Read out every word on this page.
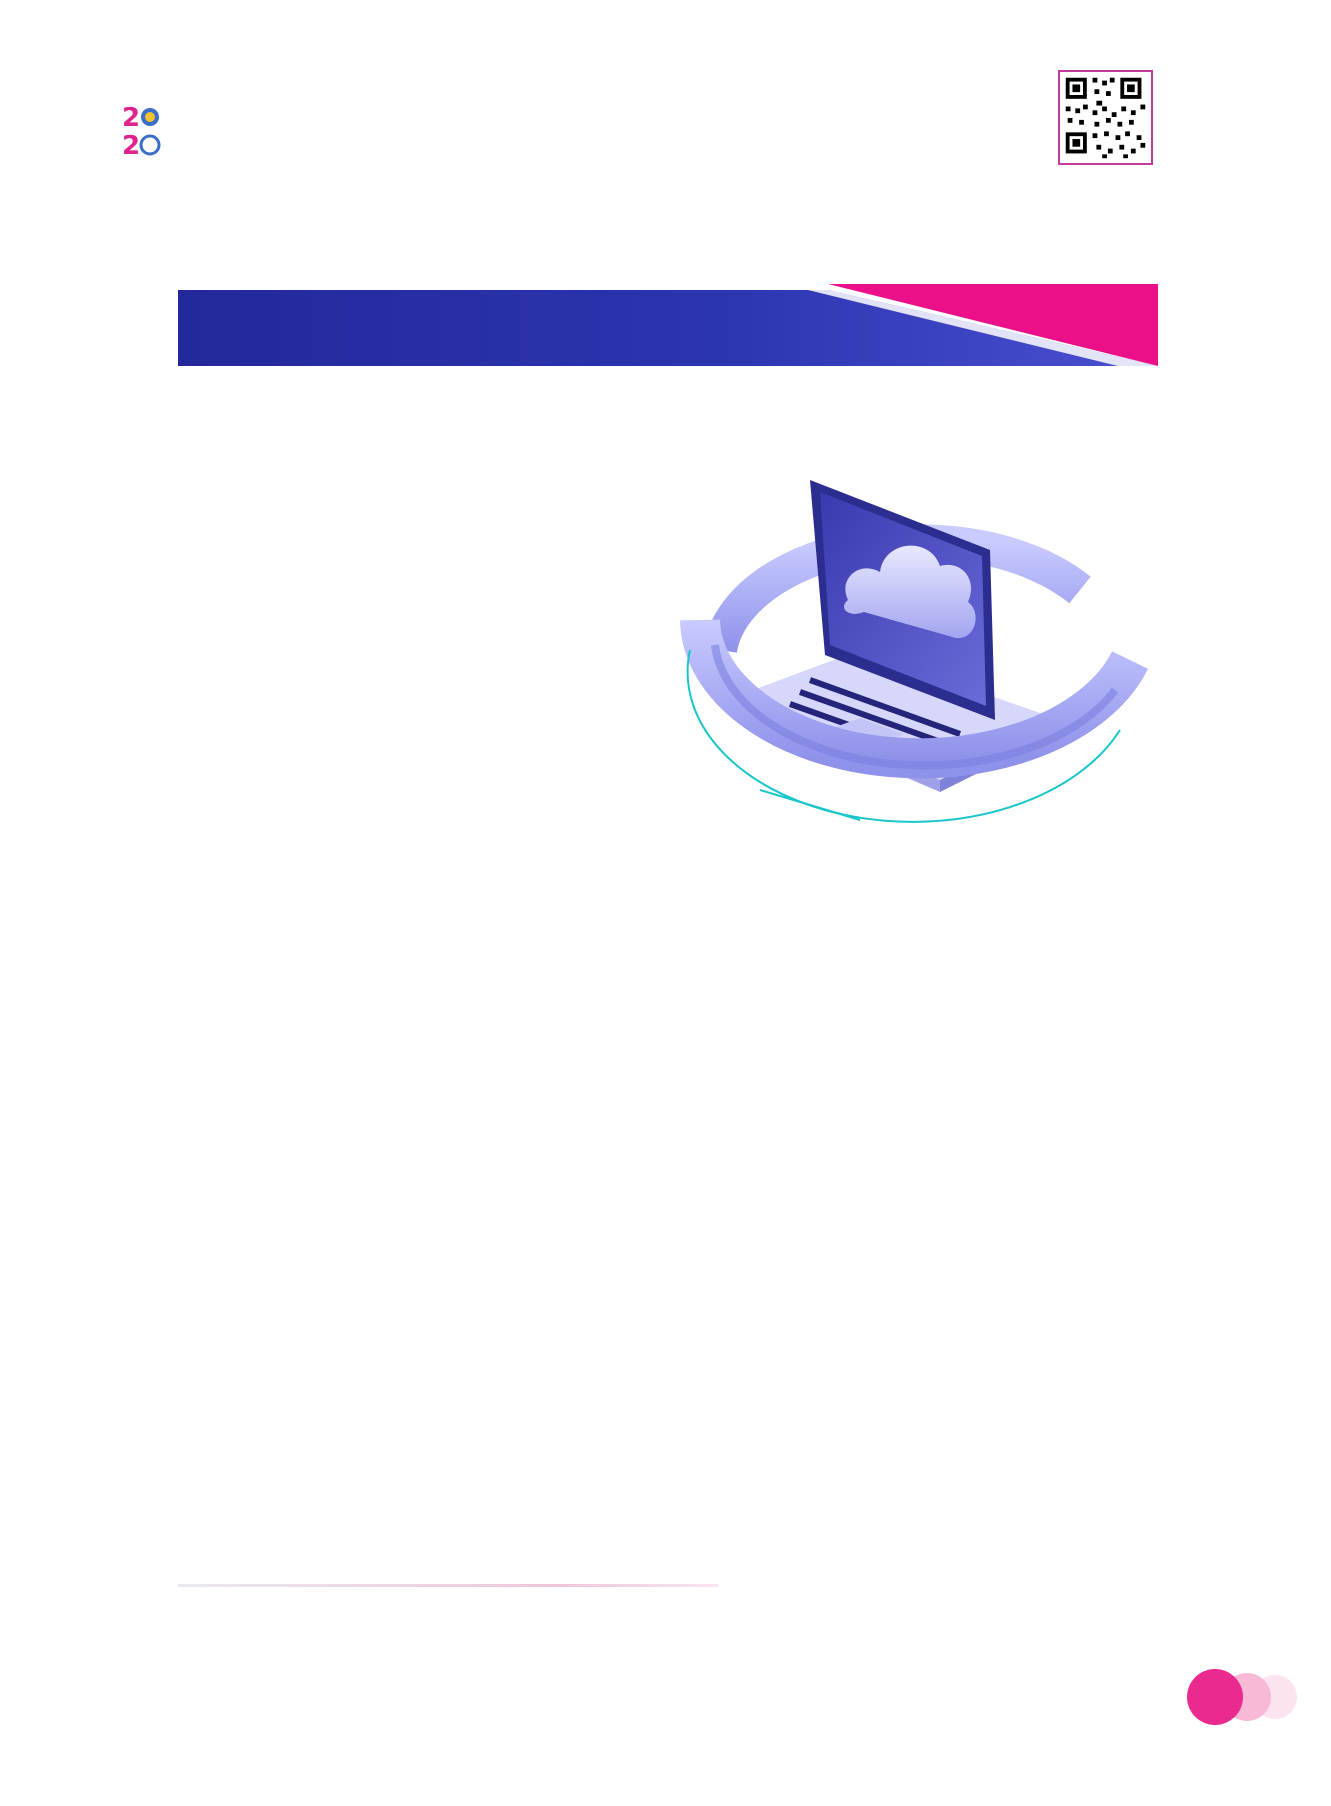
2
2
